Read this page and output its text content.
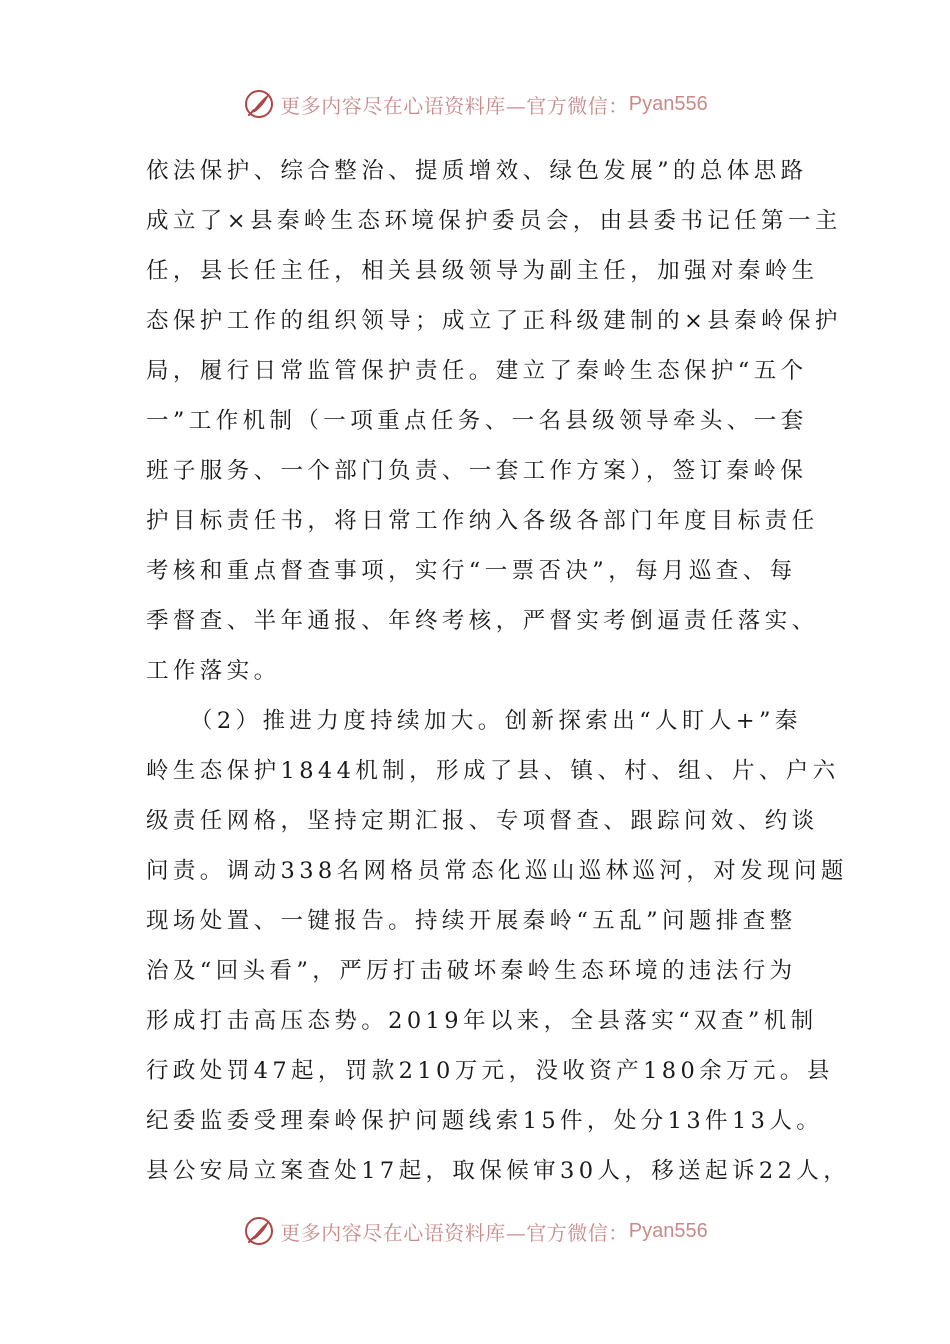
更多内容尽在心语资料库—官方微信： Pyan556
依法保护、综合整治、提质增效、绿色发展”的总体思路
成立了×县秦岭生态环境保护委员会，由县委书记任第一主
任，县长任主任，相关县级领导为副主任，加强对秦岭生
态保护工作的组织领导；成立了正科级建制的×县秦岭保护
局，履行日常监管保护责任。建立了秦岭生态保护“五个
一”工作机制（一项重点任务、一名县级领导牵头、一套
班子服务、一个部门负责、一套工作方案），签订秦岭保
护目标责任书，将日常工作纳入各级各部门年度目标责任
考核和重点督查事项，实行“一票否决”，每月巡查、每
季督查、半年通报、年终考核，严督实考倒逼责任落实、
工作落实。
（2）推进力度持续加大。创新探索出“人盯人+”秦
岭生态保护1844机制，形成了县、镇、村、组、片、户六
级责任网格，坚持定期汇报、专项督查、跟踪问效、约谈
问责。调动338名网格员常态化巡山巡林巡河，对发现问题
现场处置、一键报告。持续开展秦岭“五乱”问题排查整
治及“回头看”，严厉打击破坏秦岭生态环境的违法行为
形成打击高压态势。2019年以来，全县落实“双查”机制
行政处罚47起，罚款210万元，没收资产180余万元。县
纪委监委受理秦岭保护问题线索15件，处分13件13人。
县公安局立案查处17起，取保候审30人，移送起诉22人，
更多内容尽在心语资料库—官方微信： Pyan556
